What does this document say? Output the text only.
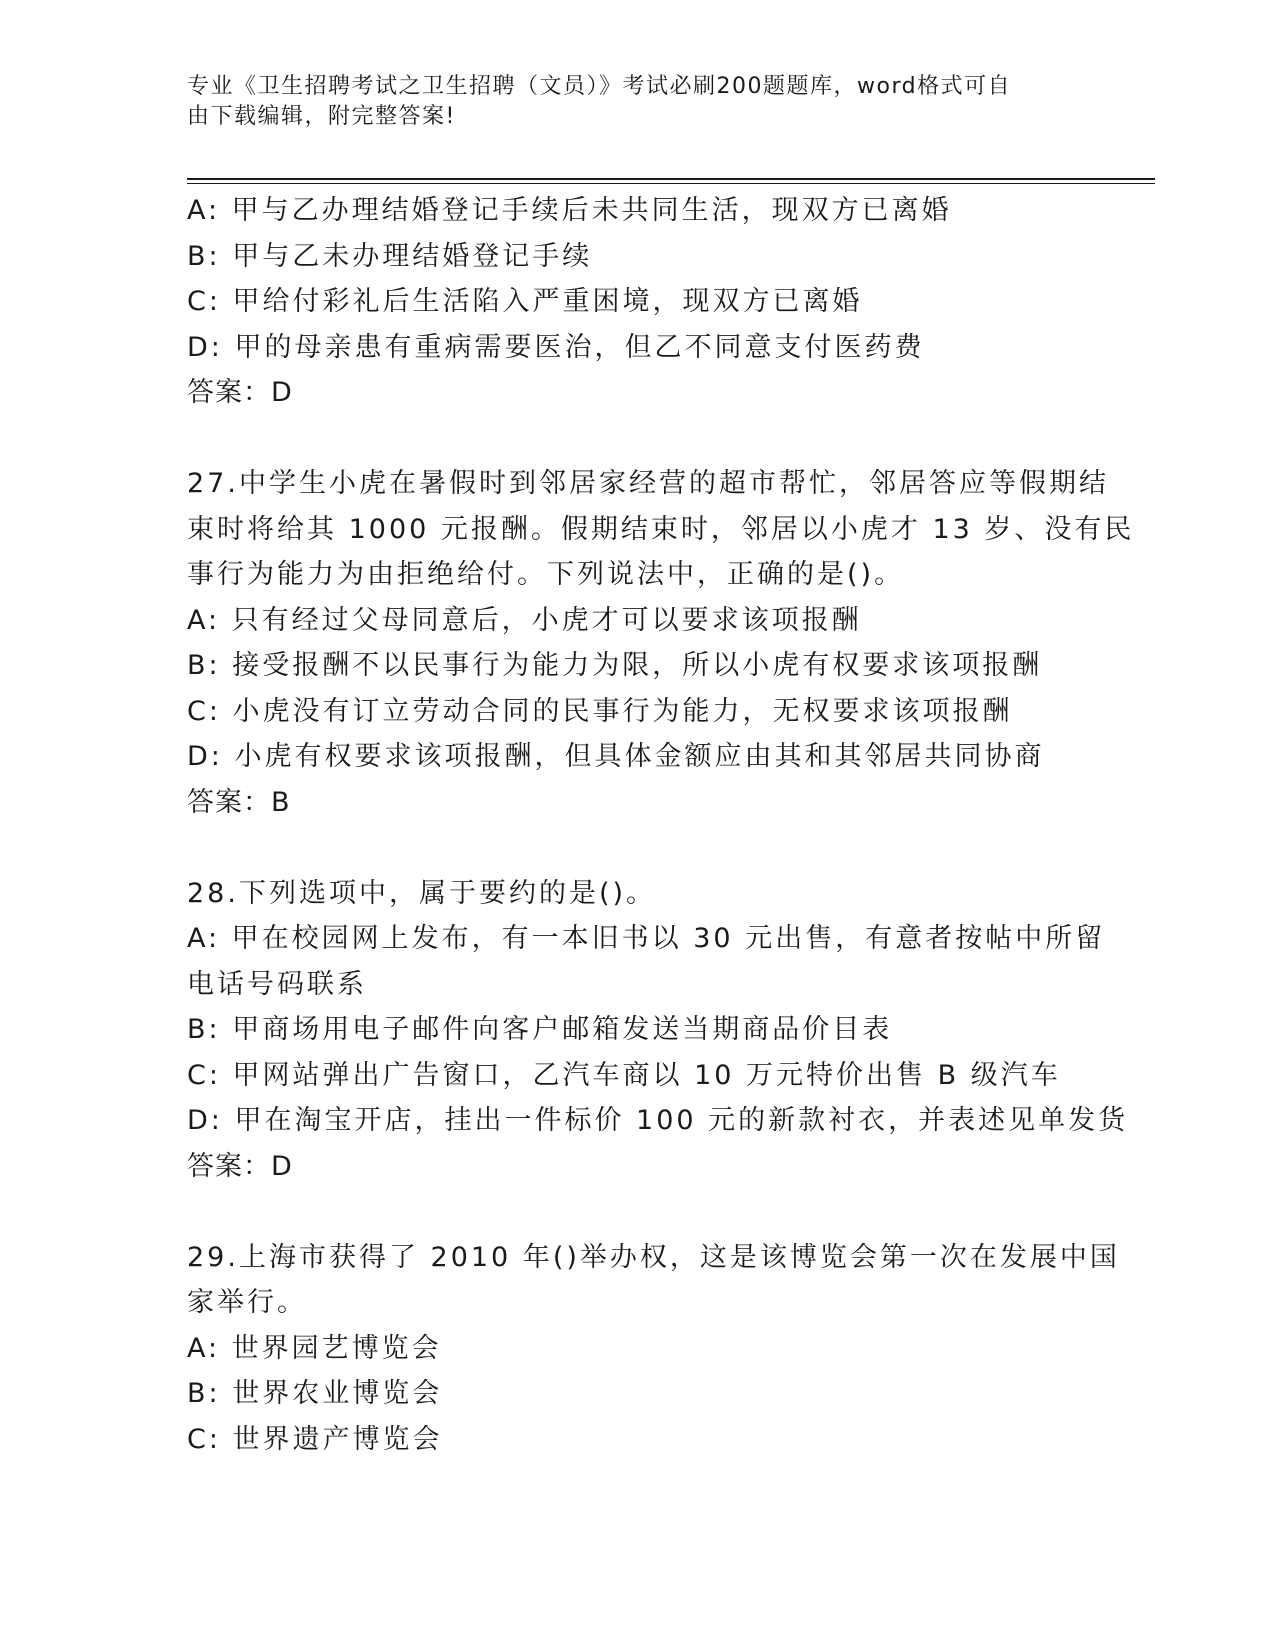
专业《卫生招聘考试之卫生招聘（文员）》考试必刷200题题库，word格式可自
由下载编辑，附完整答案!
A: 甲与乙办理结婚登记手续后未共同生活，现双方已离婚
B: 甲与乙未办理结婚登记手续
C: 甲给付彩礼后生活陷入严重困境，现双方已离婚
D: 甲的母亲患有重病需要医治，但乙不同意支付医药费
答案：D
27.中学生小虎在暑假时到邻居家经营的超市帮忙，邻居答应等假期结
束时将给其 1000 元报酬。假期结束时，邻居以小虎才 13 岁、没有民
事行为能力为由拒绝给付。下列说法中，正确的是()。
A: 只有经过父母同意后，小虎才可以要求该项报酬
B: 接受报酬不以民事行为能力为限，所以小虎有权要求该项报酬
C: 小虎没有订立劳动合同的民事行为能力，无权要求该项报酬
D: 小虎有权要求该项报酬，但具体金额应由其和其邻居共同协商
答案：B
28.下列选项中，属于要约的是()。
A: 甲在校园网上发布，有一本旧书以 30 元出售，有意者按帖中所留
电话号码联系
B: 甲商场用电子邮件向客户邮箱发送当期商品价目表
C: 甲网站弹出广告窗口，乙汽车商以 10 万元特价出售 B 级汽车
D: 甲在淘宝开店，挂出一件标价 100 元的新款衬衣，并表述见单发货
答案：D
29.上海市获得了 2010 年()举办权，这是该博览会第一次在发展中国
家举行。
A: 世界园艺博览会
B: 世界农业博览会
C: 世界遗产博览会
